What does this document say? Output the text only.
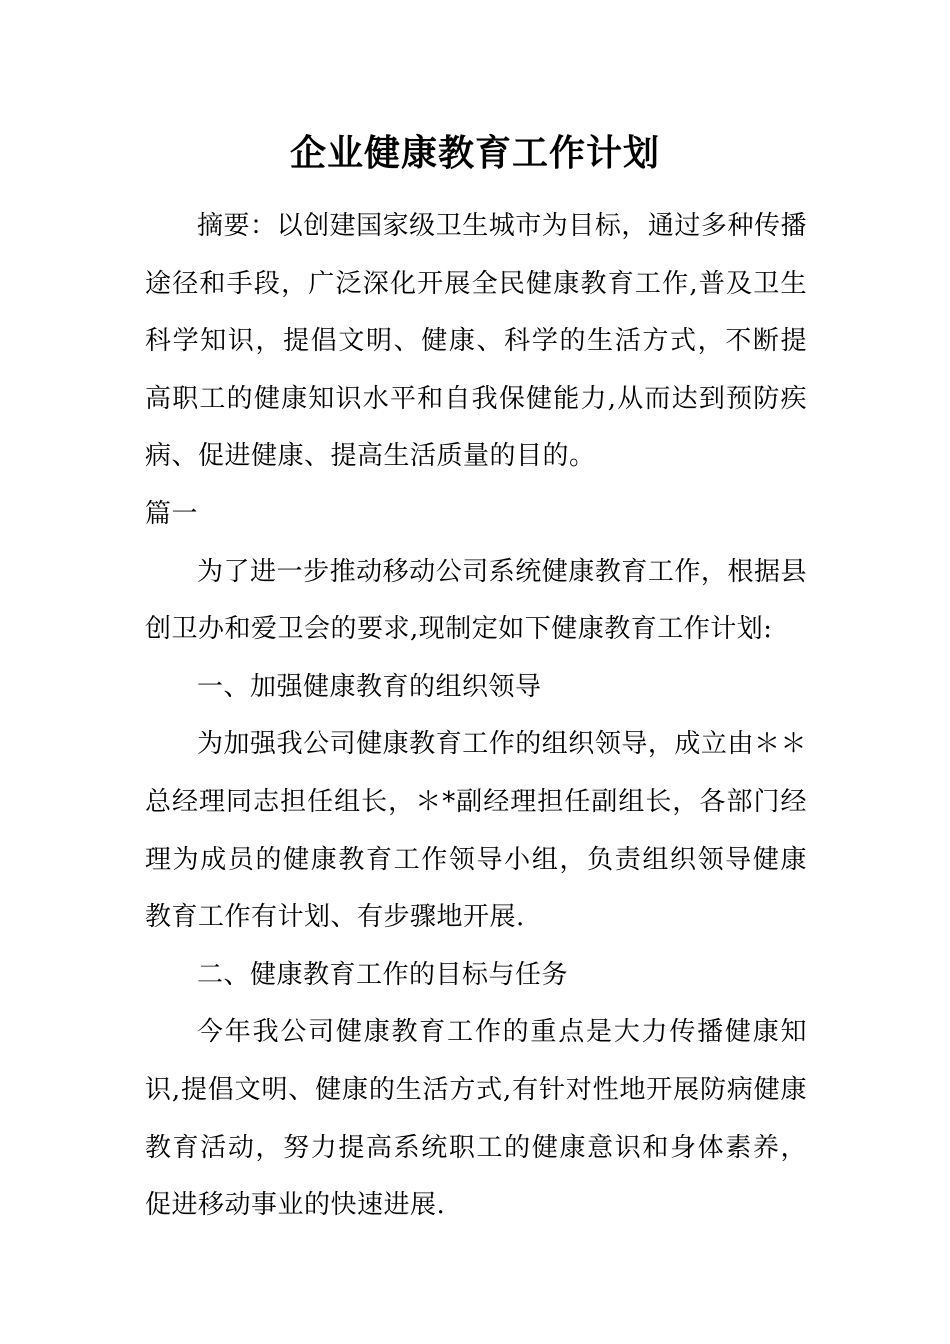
企业健康教育工作计划

摘要：以创建国家级卫生城市为目标，通过多种传播途径和手段，广泛深化开展全民健康教育工作,普及卫生科学知识，提倡文明、健康、科学的生活方式，不断提高职工的健康知识水平和自我保健能力,从而达到预防疾病、促进健康、提高生活质量的目的。

篇一

为了进一步推动移动公司系统健康教育工作，根据县创卫办和爱卫会的要求,现制定如下健康教育工作计划:

一、加强健康教育的组织领导

为加强我公司健康教育工作的组织领导，成立由＊＊总经理同志担任组长，＊*副经理担任副组长，各部门经理为成员的健康教育工作领导小组，负责组织领导健康教育工作有计划、有步骤地开展.

二、健康教育工作的目标与任务

今年我公司健康教育工作的重点是大力传播健康知识,提倡文明、健康的生活方式,有针对性地开展防病健康教育活动，努力提高系统职工的健康意识和身体素养，促进移动事业的快速进展.
